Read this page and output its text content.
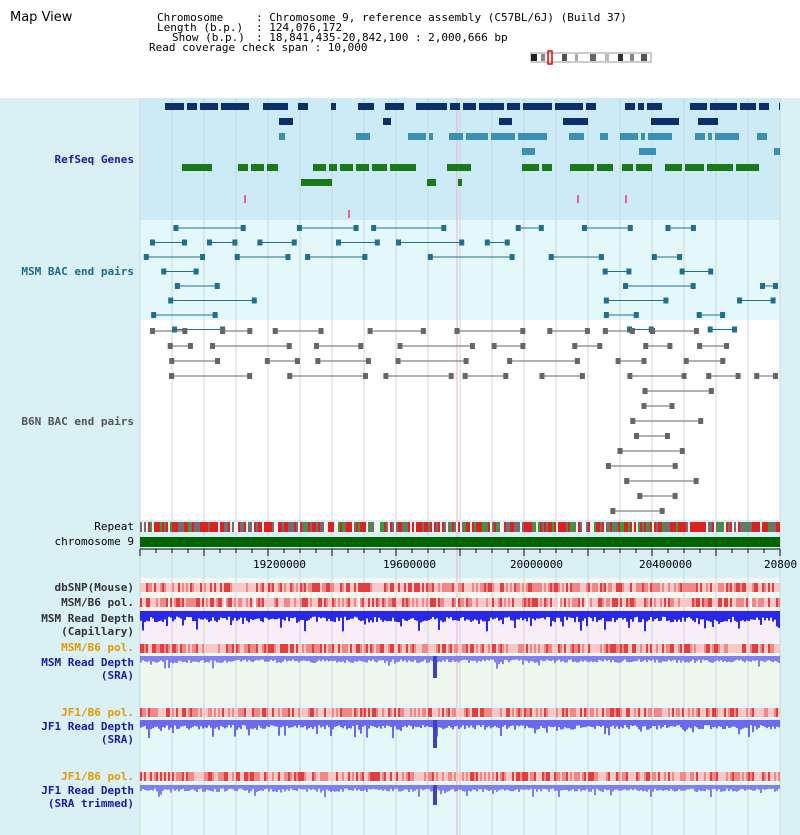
Map View	Chromosome	: Chromosome 9, reference assembly (C57BL/6J) (Build 37)
Length (b.p.) : 124,076,172
Show (b.p.) : 18,841,435-20,842,100 : 2,000,666 bp
Read coverage check span : 10,000
RefSeq Genes
MSM BAC end pairs
B6N BAC end pairs
Repeat
chromosome 9
dbSNP(Mouse)
MSM/B6 pol.
MSM Read Depth
(Capillary)
MSM/B6 pol.
MSM Read Depth
(SRA)
JF1/B6 pol.
JF1 Read Depth
(SRA)
JF1/B6 pol.
JF1 Read Depth
(SRA trimmed)
19200000	19600000	20000000	20400000	20800
